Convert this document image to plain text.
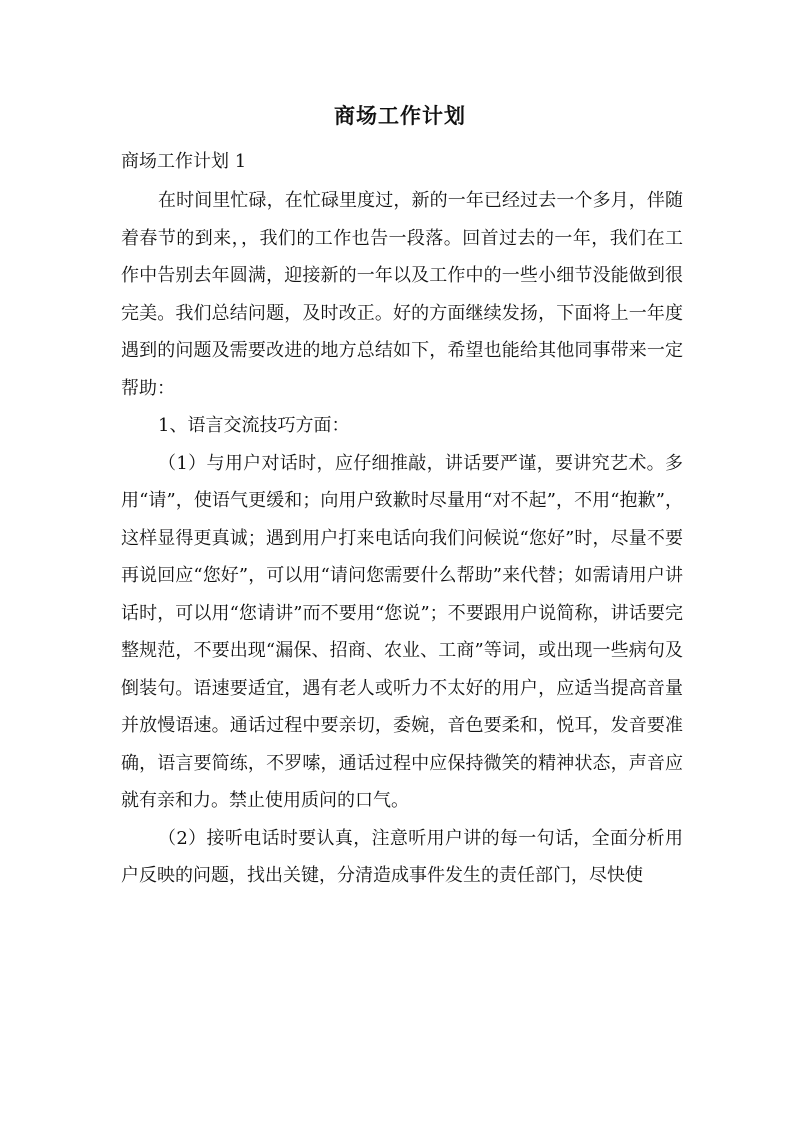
商场工作计划
商场工作计划 1

在时间里忙碌，在忙碌里度过，新的一年已经过去一个多月，伴随着春节的到来，，我们的工作也告一段落。回首过去的一年，我们在工作中告别去年圆满，迎接新的一年以及工作中的一些小细节没能做到很完美。我们总结问题，及时改正。好的方面继续发扬，下面将上一年度遇到的问题及需要改进的地方总结如下，希望也能给其他同事带来一定帮助：

1、语言交流技巧方面：

（1）与用户对话时，应仔细推敲，讲话要严谨，要讲究艺术。多用“请”，使语气更缓和；向用户致歉时尽量用“对不起”，不用“抱歉”，这样显得更真诚；遇到用户打来电话向我们问候说“您好”时，尽量不要再说回应“您好”，可以用“请问您需要什么帮助”来代替；如需请用户讲话时，可以用“您请讲”而不要用“您说”；不要跟用户说简称，讲话要完整规范，不要出现“漏保、招商、农业、工商”等词，或出现一些病句及倒装句。语速要适宜，遇有老人或听力不太好的用户，应适当提高音量并放慢语速。通话过程中要亲切，委婉，音色要柔和，悦耳，发音要准确，语言要简练，不罗嗦，通话过程中应保持微笑的精神状态，声音应就有亲和力。禁止使用质问的口气。

（2）接听电话时要认真，注意听用户讲的每一句话，全面分析用户反映的问题，找出关键，分清造成事件发生的责任部门，尽快使
